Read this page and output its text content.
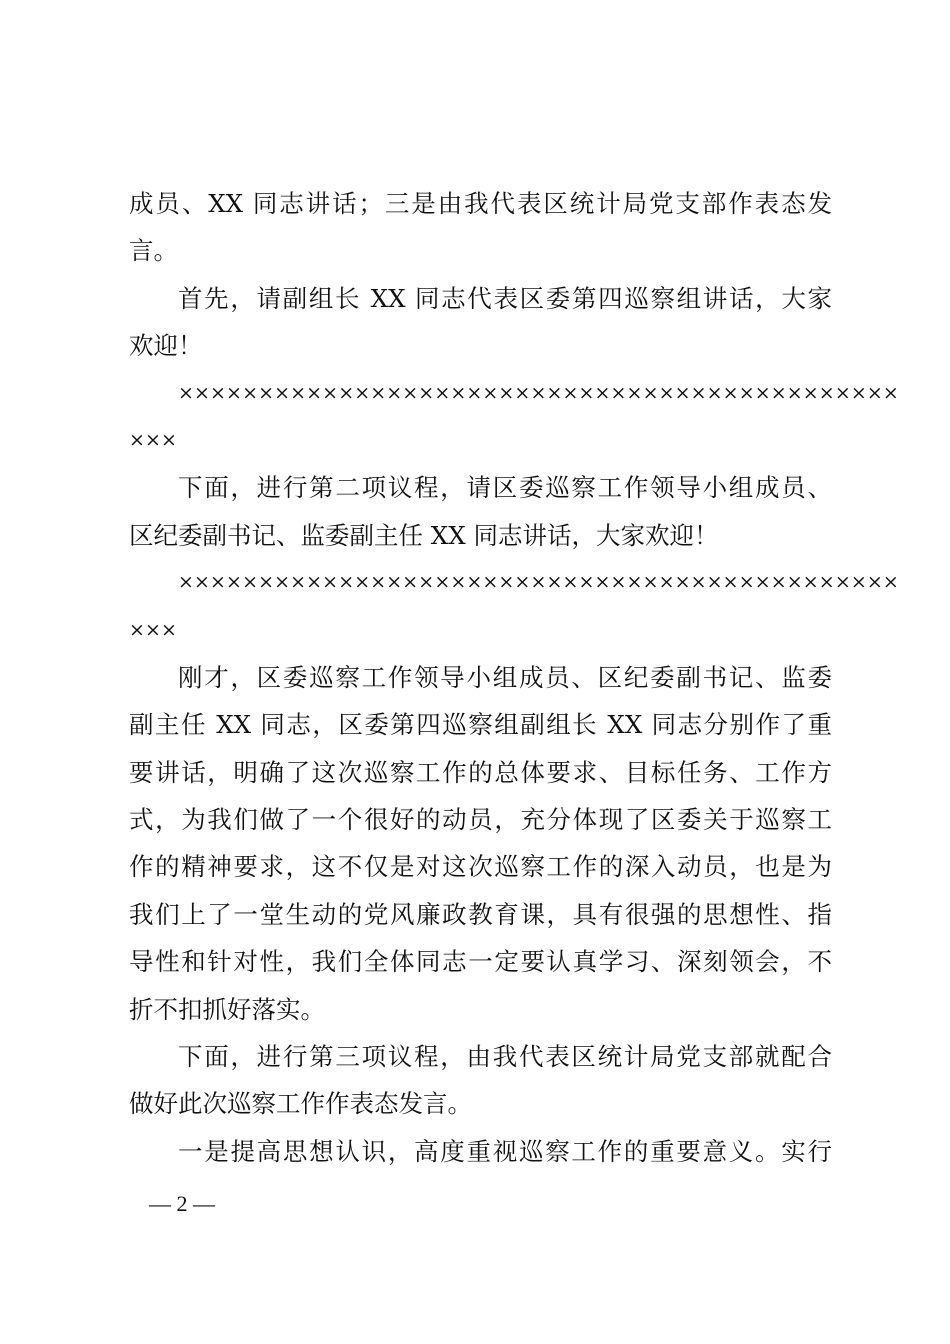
成员、XX 同志讲话；三是由我代表区统计局党支部作表态发
言。
首先，请副组长 XX 同志代表区委第四巡察组讲话，大家
欢迎！
×××××××××××××××××××××××××××××××××××××××××××××
×××
下面，进行第二项议程，请区委巡察工作领导小组成员、
区纪委副书记、监委副主任 XX 同志讲话，大家欢迎！
×××××××××××××××××××××××××××××××××××××××××××××
×××
刚才，区委巡察工作领导小组成员、区纪委副书记、监委
副主任 XX 同志，区委第四巡察组副组长 XX 同志分别作了重
要讲话，明确了这次巡察工作的总体要求、目标任务、工作方
式，为我们做了一个很好的动员，充分体现了区委关于巡察工
作的精神要求，这不仅是对这次巡察工作的深入动员，也是为
我们上了一堂生动的党风廉政教育课，具有很强的思想性、指
导性和针对性，我们全体同志一定要认真学习、深刻领会，不
折不扣抓好落实。
下面，进行第三项议程，由我代表区统计局党支部就配合
做好此次巡察工作作表态发言。
一是提高思想认识，高度重视巡察工作的重要意义。实行
— 2 —
